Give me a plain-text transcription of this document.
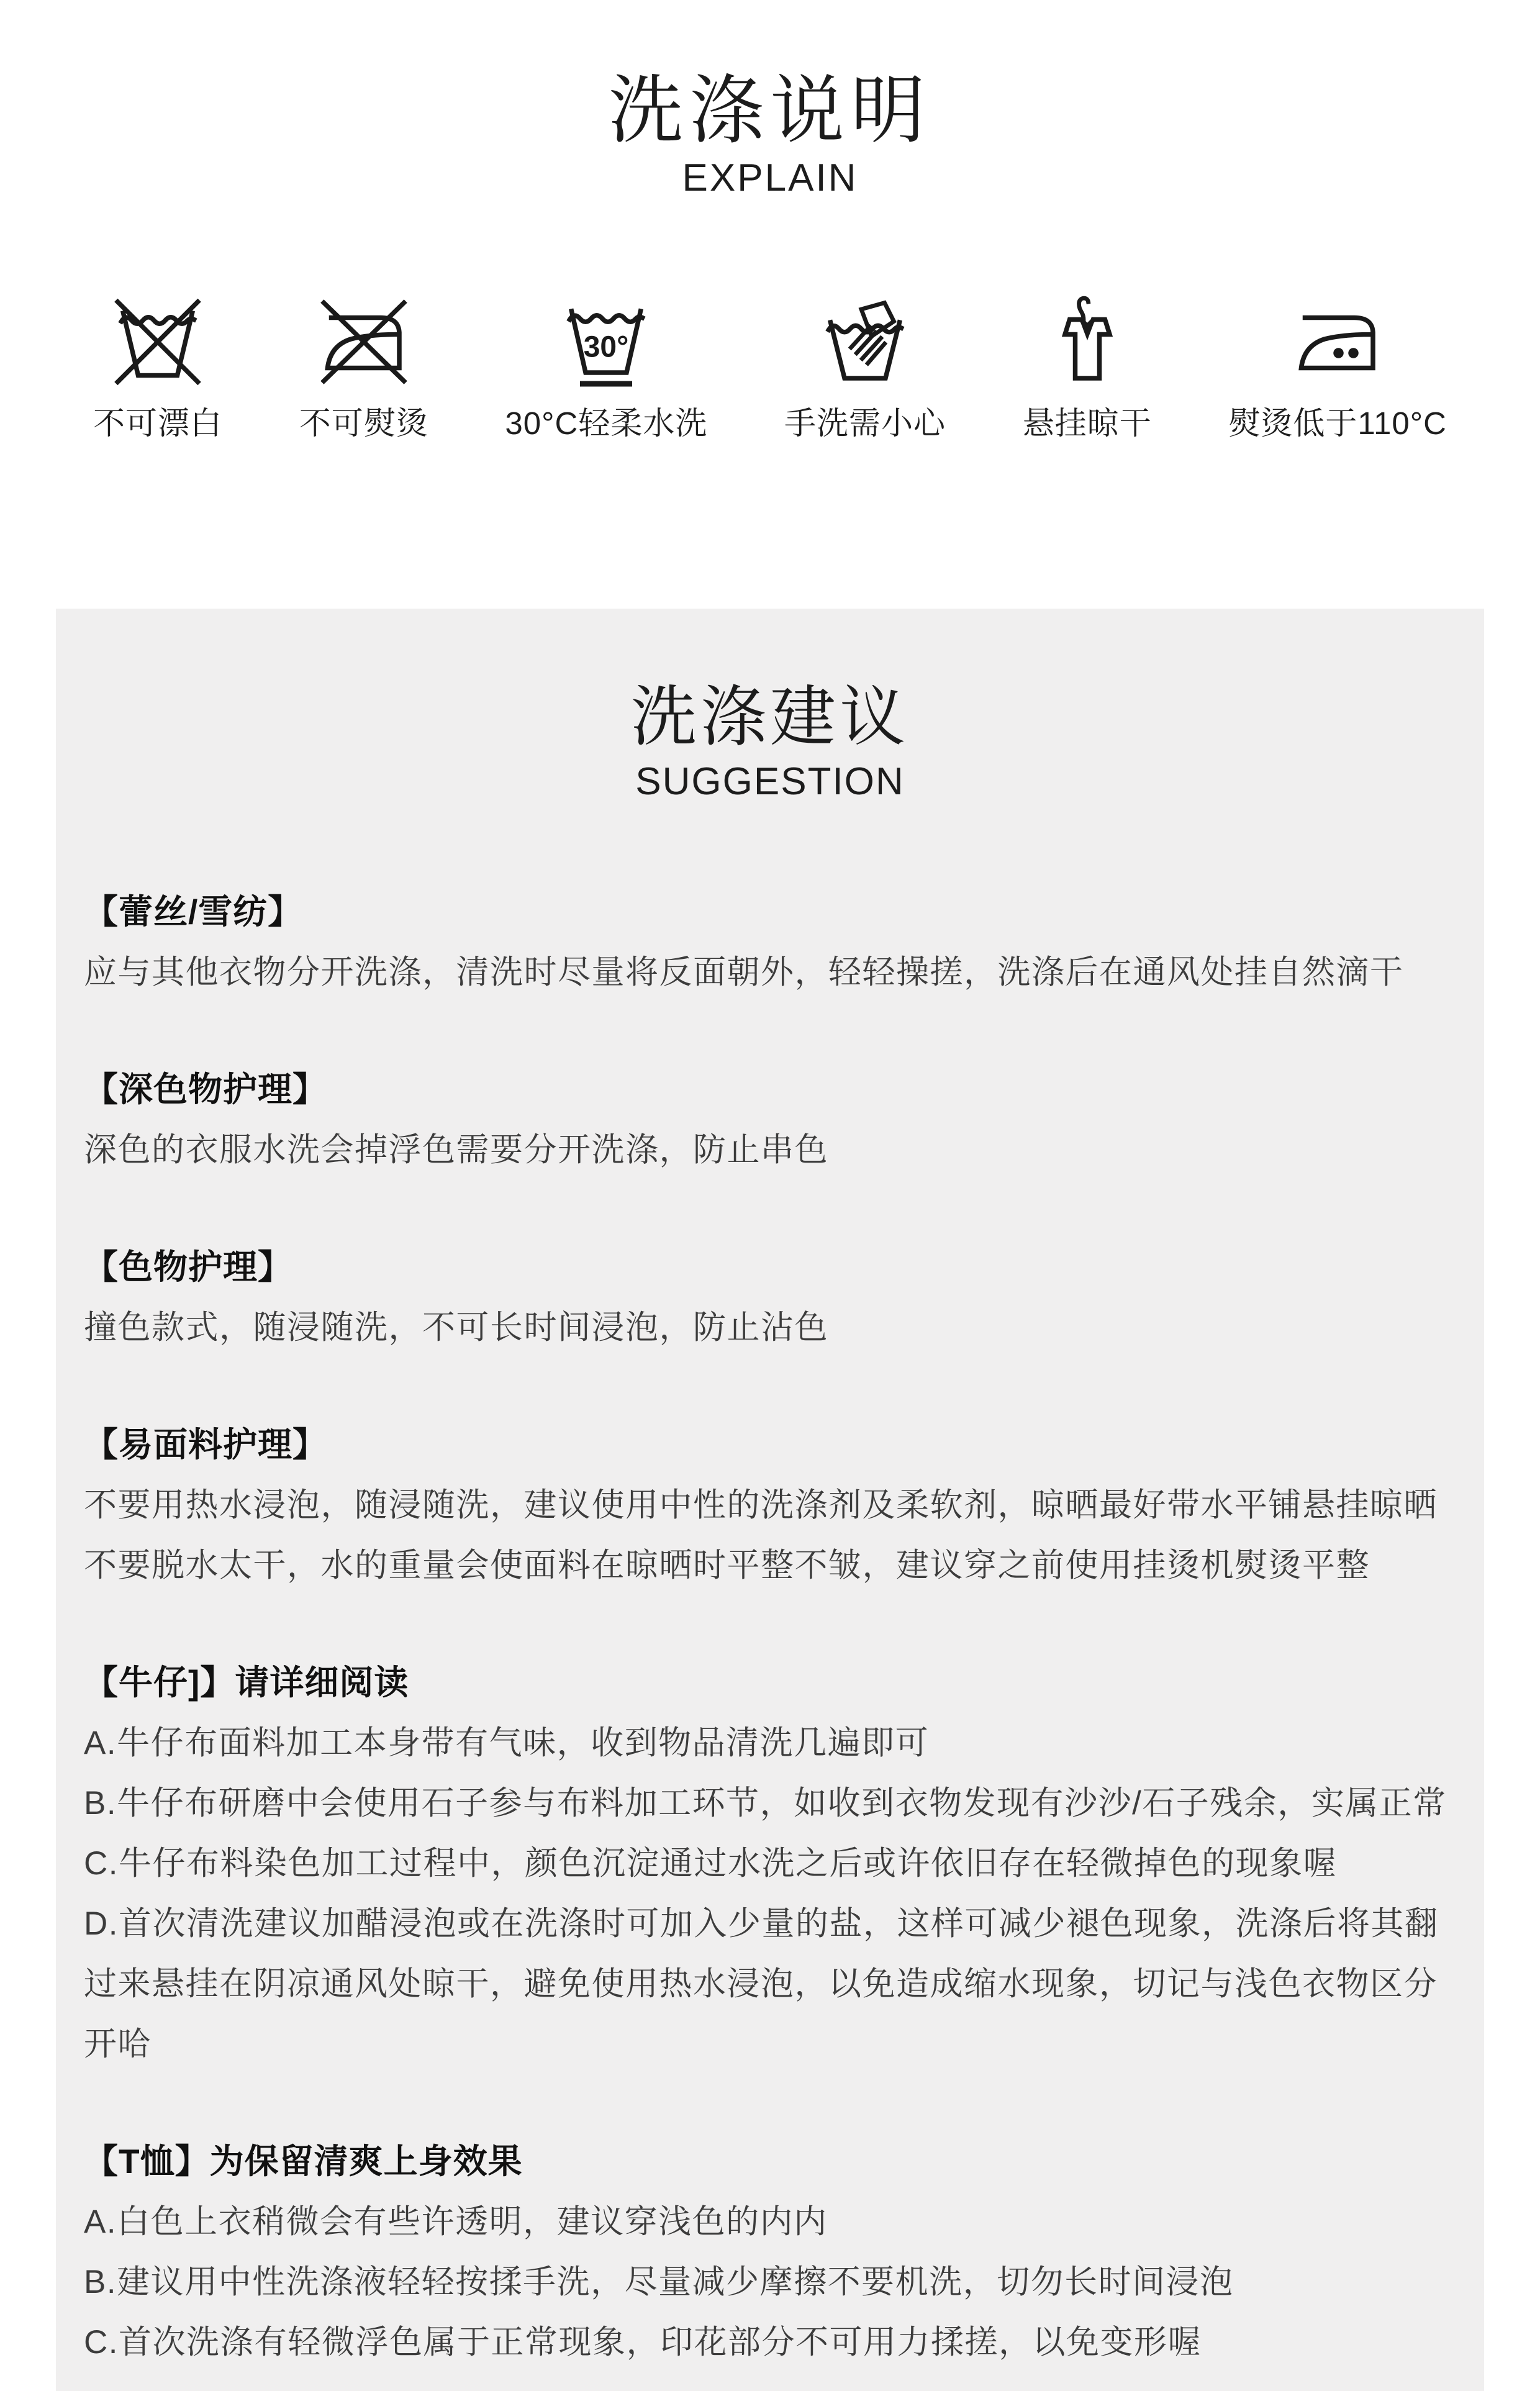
洗涤说明
EXPLAIN
不可漂白 不可熨烫
30°
30°C轻柔水洗 手洗需小心 悬挂晾干 熨烫低于110°C
洗涤建议
SUGGESTION
【蕾丝/雪纺】

应与其他衣物分开洗涤，清洗时尽量将反面朝外，轻轻操搓，洗涤后在通风处挂自然滴干

【深色物护理】

深色的衣服水洗会掉浮色需要分开洗涤，防止串色

【色物护理】

撞色款式，随浸随洗，不可长时间浸泡，防止沾色

【易面料护理】

不要用热水浸泡，随浸随洗，建议使用中性的洗涤剂及柔软剂，晾晒最好带水平铺悬挂晾晒不要脱水太干，水的重量会使面料在晾晒时平整不皱，建议穿之前使用挂烫机熨烫平整

【牛仔]】请详细阅读

A.牛仔布面料加工本身带有气味，收到物品清洗几遍即可

B.牛仔布研磨中会使用石子参与布料加工环节，如收到衣物发现有沙沙/石子残余，实属正常

C.牛仔布料染色加工过程中，颜色沉淀通过水洗之后或许依旧存在轻微掉色的现象喔

D.首次清洗建议加醋浸泡或在洗涤时可加入少量的盐，这样可减少褪色现象，洗涤后将其翻过来悬挂在阴凉通风处晾干，避免使用热水浸泡，以免造成缩水现象，切记与浅色衣物区分开哈

【T恤】为保留清爽上身效果

A.白色上衣稍微会有些许透明，建议穿浅色的内内

B.建议用中性洗涤液轻轻按揉手洗，尽量减少摩擦不要机洗，切勿长时间浸泡

C.首次洗涤有轻微浮色属于正常现象，印花部分不可用力揉搓，以免变形喔
